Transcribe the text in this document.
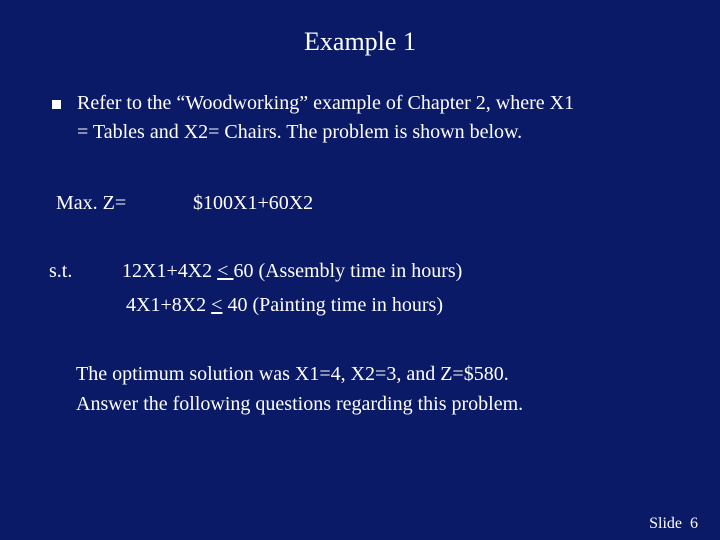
Example 1
Refer to the “Woodworking” example of Chapter 2, where X1
= Tables and X2= Chairs. The problem is shown below.
Max. Z=	$100X1+60X2
s.t. 12X1+4X2 < 60 (Assembly time in hours)
4X1+8X2 < 40 (Painting time in hours)
The optimum solution was X1=4, X2=3, and Z=$580.
Answer the following questions regarding this problem.
Slide 6
